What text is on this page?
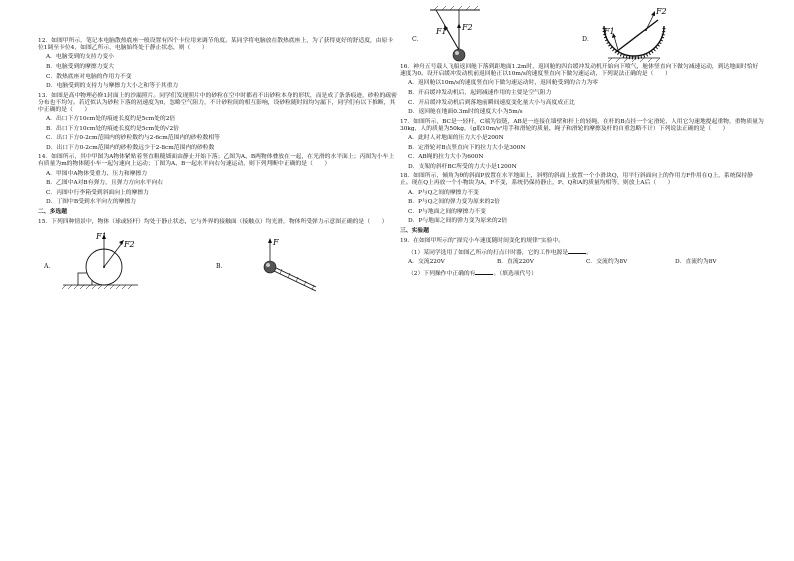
12．如图甲所示，笔记本电脑散热底座一般设置有四个卡位用来调节角度。某同学将电脑放在散热底座上，为了获得更好的舒适度，由原卡位1调至卡位4，如图乙所示，电脑始终处于静止状态，则（　　）
A．电脑受到的支持力变小
B．电脑受到的摩擦力变大
C．散热底座对电脑的作用力不变
D．电脑受到的支持力与摩擦力大小之和等于其重力
13．如图是高中物理必修1封面上的沙漏照片。同学们发现照片中的砂粒在空中时都看不出砂粒本身的形状，而是成了条条痕迹，砂粒的疏密分布也不均匀。若近似认为砂粒下落的初速度为0，忽略空气阻力，不计砂粒间的相互影响，设砂粒随时间均匀漏下，同学们有以下推断，其中正确的是（　　）
A．出口下方10cm处的痕迹长度约是5cm处的2倍
B．出口下方10cm处的痕迹长度约是5cm处的√2倍
C．出口下方0-2cm范围内的砂粒数约与2-6cm范围内的砂粒数相等
D．出口下方0-2cm范围内的砂粒数远少于2-8cm范围内的砂粒数
14．如图所示，其中甲图为A物体紧贴着竖直粗糙墙面由静止开始下落；乙图为A、B两物体叠放在一起，在光滑的水平面上；丙图为小车上有质量为m的物体随小车一起匀速向上运动；丁图为A、B一起水平向右匀速运动，则下列判断中正确的是（　　）
A．甲图中A物体受重力、压力和摩擦力
B．乙图中A对B有弹力，且弹力方向水平向右
C．丙图中行李箱受到斜面向上的摩擦力
D．丁图中B受到水平向左的摩擦力
二、多选题
15．下列四种情景中，物体（球或轻杆）均处于静止状态，它与外界的接触面（接触点）均光滑，物体所受弹力示意图正确的是（　　）
A．
F1
F2
B．
F
C．
F1 F2
D．
F1
F2
16．神舟五号载人飞船返回舱下落到距地面1.2m时，返回舱的四台缓冲发动机开始向下喷气，舱体竖直向下做匀减速运动，到达地面时恰好速度为0。设开启缓冲发动机前返回舱正以10m/s的速度竖直向下做匀速运动，下列说法正确的是（　　）
A．返回舱以10m/s的速度竖直向下做匀速运动时，返回舱受到的合力为零
B．开启缓冲发动机后，起到减速作用的主要是空气阻力
C．开启缓冲发动机后到落地前瞬间速度变化量大小与高度成正比
D．返回舱在地面0.3m时的速度大小为5m/s
17．如图所示，BC是一轻杆，C端为铰链，AB是一连接在墙壁和杆上的轻绳，在杆的B点挂一个定滑轮，人用它匀速地提起重物，重物质量为30kg，人的质量为50kg，（g取10m/s²用手和滑轮的质量、绳子和滑轮的摩擦及杆的自重忽略不计）下列说法正确的是（　　）
A．此时人对地面的压力大小是200N
B．定滑轮对B点竖直向下的拉力大小是300N
C．AB绳的拉力大小为600N
D．支架的斜杆BC所受的力大小是1200N
18．如图所示，倾角为θ的斜面P放置在水平地面上，斜劈的斜面上放置一个小滑块Q，用平行斜面向上的作用力F作用在Q上，系统保持静止。现在Q上再放一个小物块为A，F不变，系统仍保持静止，P、Q和A的质量均相等，则放上A后（　　）
A．P与Q之间的摩擦力不变
B．P与Q之间的弹力变为原来的2倍
C．P与地面之间的摩擦力不变
D．P与地面之间的弹力变为原来的2倍
三、实验题
19．在如图甲所示的“探究小车速度随时间变化的规律”实验中。
（1）某同学选用了如图乙所示的打点计时器，它的工作电源是	。
A．交流220V	B．直流220V	C．交流约为8V	D．直流约为8V
（2）下列操作中正确的有	。（填选项代号）
